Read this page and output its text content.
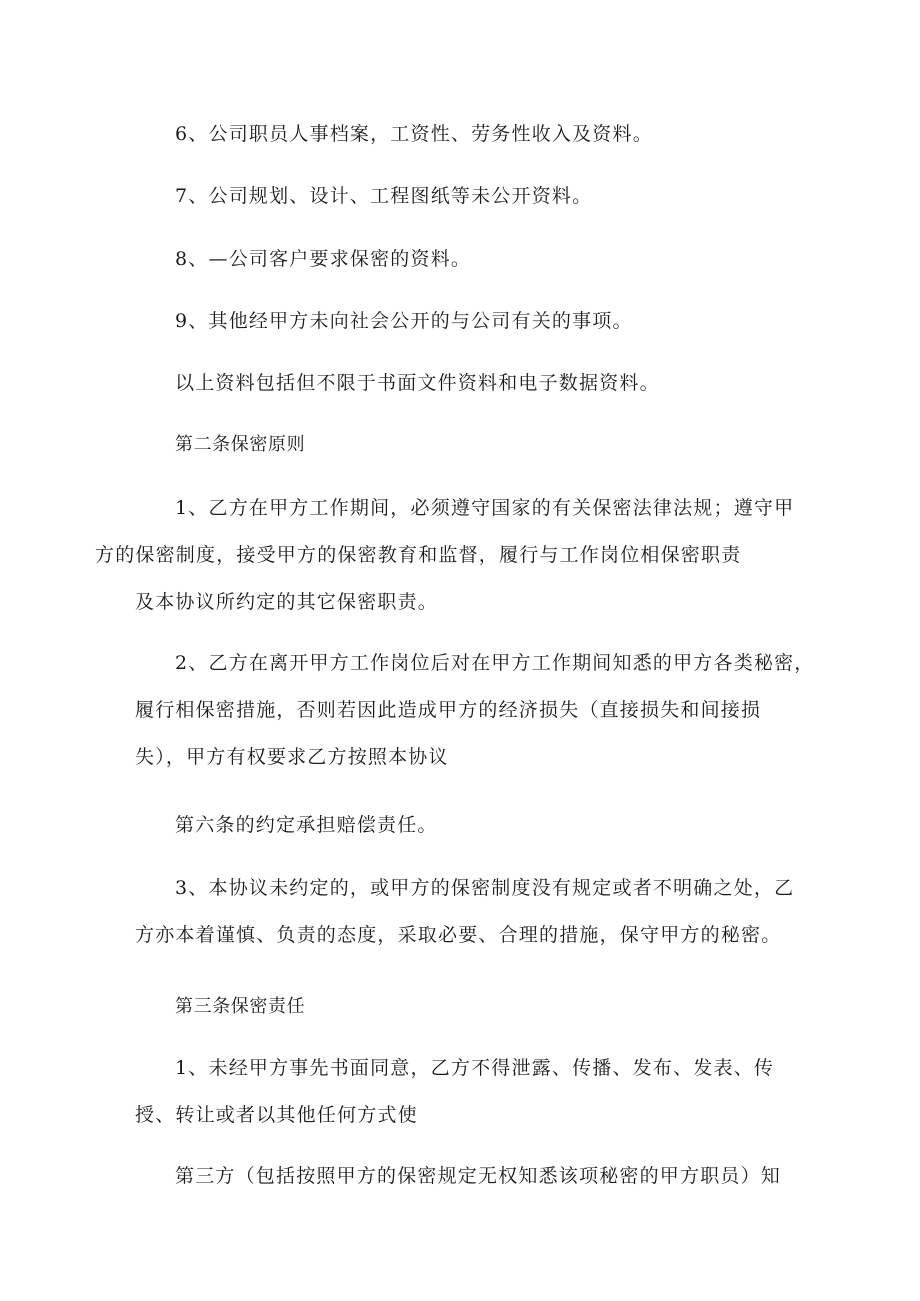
6、公司职员人事档案，工资性、劳务性收入及资料。

7、公司规划、设计、工程图纸等未公开资料。

8、—公司客户要求保密的资料。

9、其他经甲方未向社会公开的与公司有关的事项。

以上资料包括但不限于书面文件资料和电子数据资料。

第二条保密原则

1、乙方在甲方工作期间，必须遵守国家的有关保密法律法规；遵守甲
方的保密制度，接受甲方的保密教育和监督，履行与工作岗位相保密职责
及本协议所约定的其它保密职责。

2、乙方在离开甲方工作岗位后对在甲方工作期间知悉的甲方各类秘密，
履行相保密措施，否则若因此造成甲方的经济损失（直接损失和间接损
失），甲方有权要求乙方按照本协议

第六条的约定承担赔偿责任。

3、本协议未约定的，或甲方的保密制度没有规定或者不明确之处，乙
方亦本着谨慎、负责的态度，采取必要、合理的措施，保守甲方的秘密。

第三条保密责任

1、未经甲方事先书面同意，乙方不得泄露、传播、发布、发表、传
授、转让或者以其他任何方式使

第三方（包括按照甲方的保密规定无权知悉该项秘密的甲方职员）知
